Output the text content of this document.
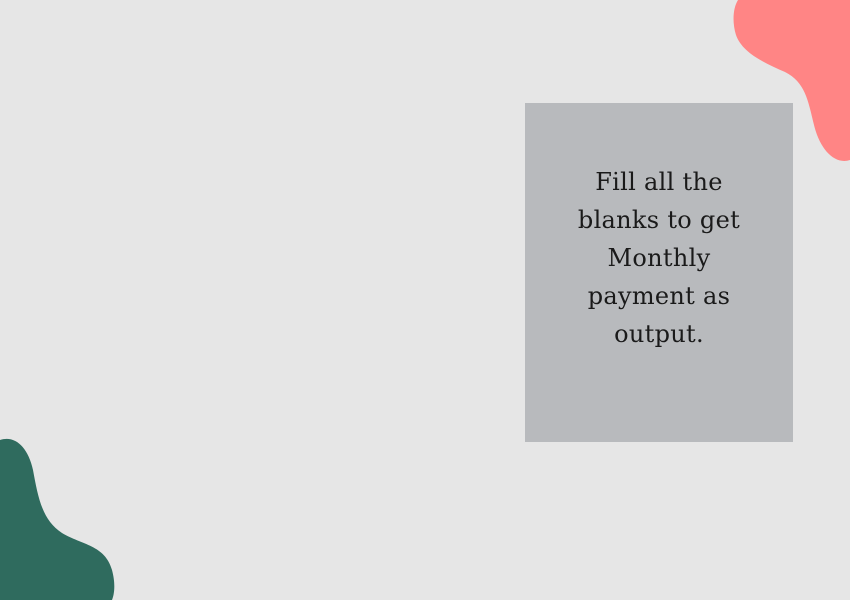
Fill all the blanks to get Monthly payment as output.
